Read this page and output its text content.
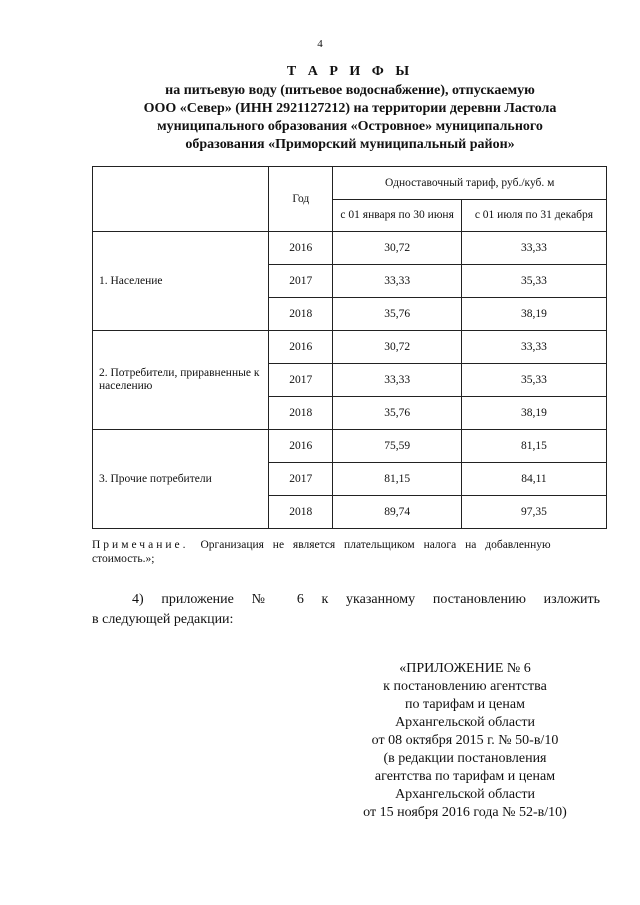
4
Т А Р И Ф Ы
на питьевую воду (питьевое водоснабжение), отпускаемую
ООО «Север» (ИНН 2921127212) на территории деревни Ластола
муниципального образования «Островное» муниципального
образования «Приморский муниципальный район»
	Год	Одноставочный тариф, руб./куб. м	
		с 01 января по 30 июня	с 01 июля по 31 декабря
1. Население	2016	30,72	33,33
	2017	33,33	35,33
	2018	35,76	38,19
2. Потребители, приравненные к населению	2016	30,72	33,33
	2017	33,33	35,33
	2018	35,76	38,19
3. Прочие потребители	2016	75,59	81,15
	2017	81,15	84,11
	2018	89,74	97,35
Примечание. Организация не является плательщиком налога на добавленную стоимость.»;
4) приложение № 6 к указанному постановлению изложить
в следующей редакции:
«ПРИЛОЖЕНИЕ № 6
к постановлению агентства
по тарифам и ценам
Архангельской области
от 08 октября 2015 г. № 50-в/10
(в редакции постановления
агентства по тарифам и ценам
Архангельской области
от 15 ноября 2016 года № 52-в/10)
